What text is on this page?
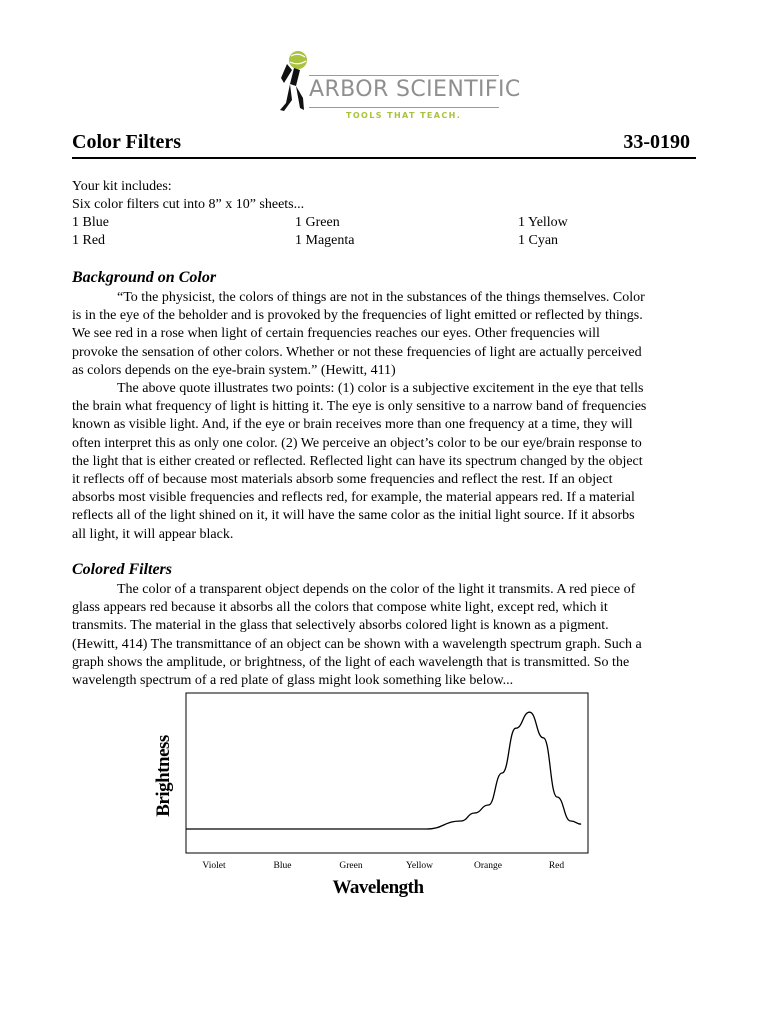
ARBOR SCIENTIFIC
TOOLS THAT TEACH.
Color Filters	33-0190
Your kit includes:
Six color filters cut into 8” x 10” sheets...
1 Blue	1 Green	1 Yellow
1 Red	1 Magenta	1 Cyan
Background on Color
“To the physicist, the colors of things are not in the substances of the things themselves. Color
is in the eye of the beholder and is provoked by the frequencies of light emitted or reflected by things.
We see red in a rose when light of certain frequencies reaches our eyes. Other frequencies will
provoke the sensation of other colors. Whether or not these frequencies of light are actually perceived
as colors depends on the eye-brain system.” (Hewitt, 411)
The above quote illustrates two points: (1) color is a subjective excitement in the eye that tells
the brain what frequency of light is hitting it. The eye is only sensitive to a narrow band of frequencies
known as visible light. And, if the eye or brain receives more than one frequency at a time, they will
often interpret this as only one color. (2) We perceive an object’s color to be our eye/brain response to
the light that is either created or reflected. Reflected light can have its spectrum changed by the object
it reflects off of because most materials absorb some frequencies and reflect the rest. If an object
absorbs most visible frequencies and reflects red, for example, the material appears red. If a material
reflects all of the light shined on it, it will have the same color as the initial light source. If it absorbs
all light, it will appear black.
Colored Filters
The color of a transparent object depends on the color of the light it transmits. A red piece of
glass appears red because it absorbs all the colors that compose white light, except red, which it
transmits. The material in the glass that selectively absorbs colored light is known as a pigment.
(Hewitt, 414) The transmittance of an object can be shown with a wavelength spectrum graph. Such a
graph shows the amplitude, or brightness, of the light of each wavelength that is transmitted. So the
wavelength spectrum of a red plate of glass might look something like below...
Brightness
Wavelength
Violet	Blue	Green	Yellow	Orange	Red
